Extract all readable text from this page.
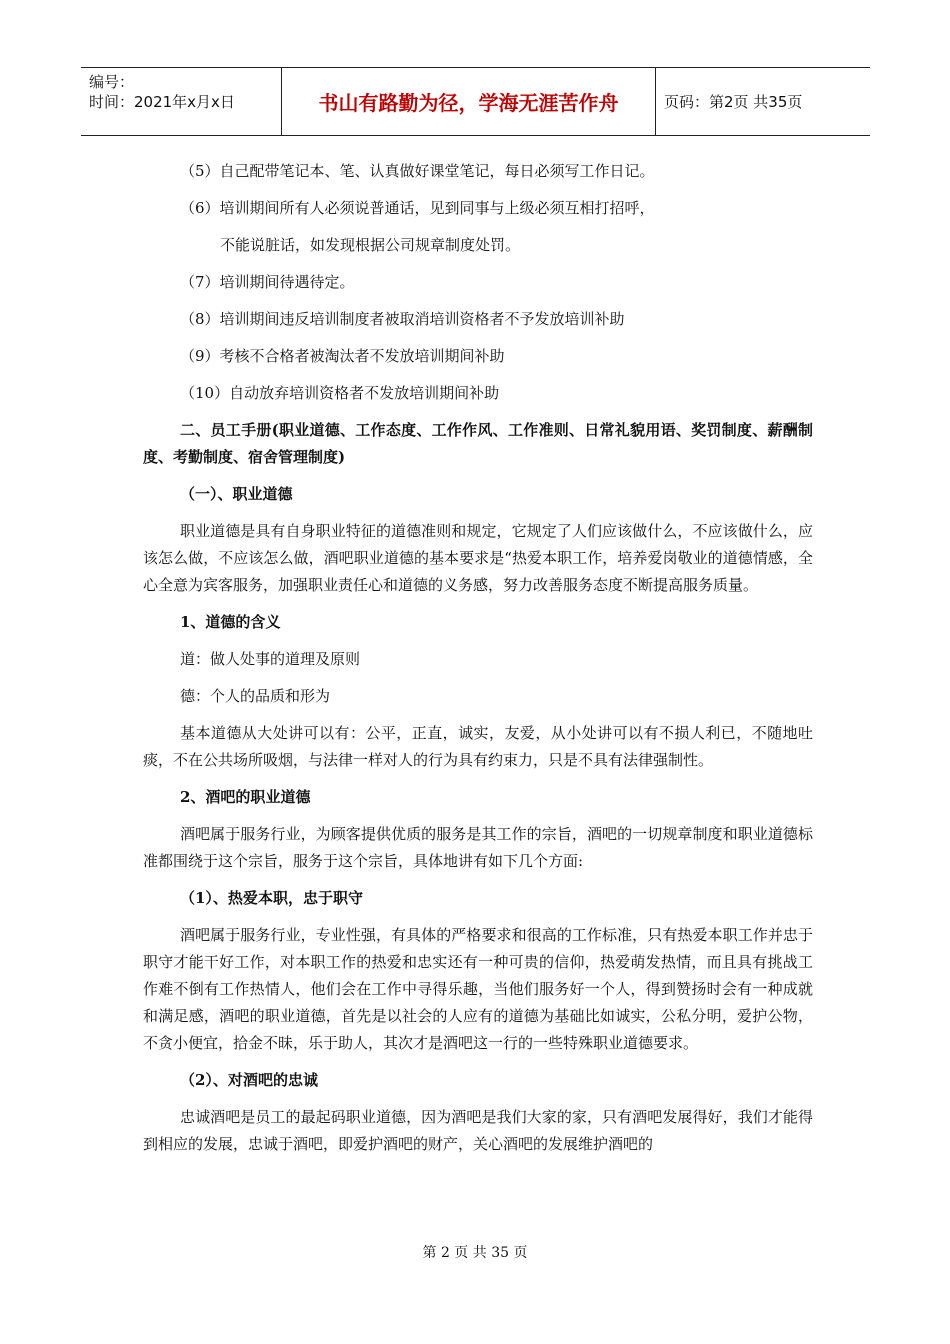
编号：
时间：2021年x月x日	书山有路勤为径，学海无涯苦作舟	页码：第2页 共35页
（5）自己配带笔记本、笔、认真做好课堂笔记，每日必须写工作日记。
（6）培训期间所有人必须说普通话，见到同事与上级必须互相打招呼，
不能说脏话，如发现根据公司规章制度处罚。
（7）培训期间待遇待定。
（8）培训期间违反培训制度者被取消培训资格者不予发放培训补助
（9）考核不合格者被淘汰者不发放培训期间补助
（10）自动放弃培训资格者不发放培训期间补助

二、员工手册(职业道德、工作态度、工作作风、工作准则、日常礼貌用语、奖罚制度、薪酬制度、考勤制度、宿舍管理制度)

（一）、职业道德

职业道德是具有自身职业特征的道德准则和规定，它规定了人们应该做什么，不应该做什么，应该怎么做，不应该怎么做，酒吧职业道德的基本要求是“热爱本职工作，培养爱岗敬业的道德情感，全心全意为宾客服务，加强职业责任心和道德的义务感，努力改善服务态度不断提高服务质量。

1、道德的含义
道：做人处事的道理及原则
德：个人的品质和形为

基本道德从大处讲可以有：公平，正直，诚实，友爱，从小处讲可以有不损人利已，不随地吐痰，不在公共场所吸烟，与法律一样对人的行为具有约束力，只是不具有法律强制性。

2、酒吧的职业道德

酒吧属于服务行业，为顾客提供优质的服务是其工作的宗旨，酒吧的一切规章制度和职业道德标准都围绕于这个宗旨，服务于这个宗旨，具体地讲有如下几个方面:

（1）、热爱本职，忠于职守

酒吧属于服务行业，专业性强，有具体的严格要求和很高的工作标准，只有热爱本职工作并忠于职守才能干好工作，对本职工作的热爱和忠实还有一种可贵的信仰，热爱萌发热情，而且具有挑战工作难不倒有工作热情人，他们会在工作中寻得乐趣，当他们服务好一个人，得到赞扬时会有一种成就和满足感，酒吧的职业道德，首先是以社会的人应有的道德为基础比如诚实，公私分明，爱护公物，不贪小便宜，拾金不昧，乐于助人，其次才是酒吧这一行的一些特殊职业道德要求。

（2）、对酒吧的忠诚

忠诚酒吧是员工的最起码职业道德，因为酒吧是我们大家的家，只有酒吧发展得好，我们才能得到相应的发展，忠诚于酒吧，即爱护酒吧的财产，关心酒吧的发展维护酒吧的

第 2 页 共 35 页
